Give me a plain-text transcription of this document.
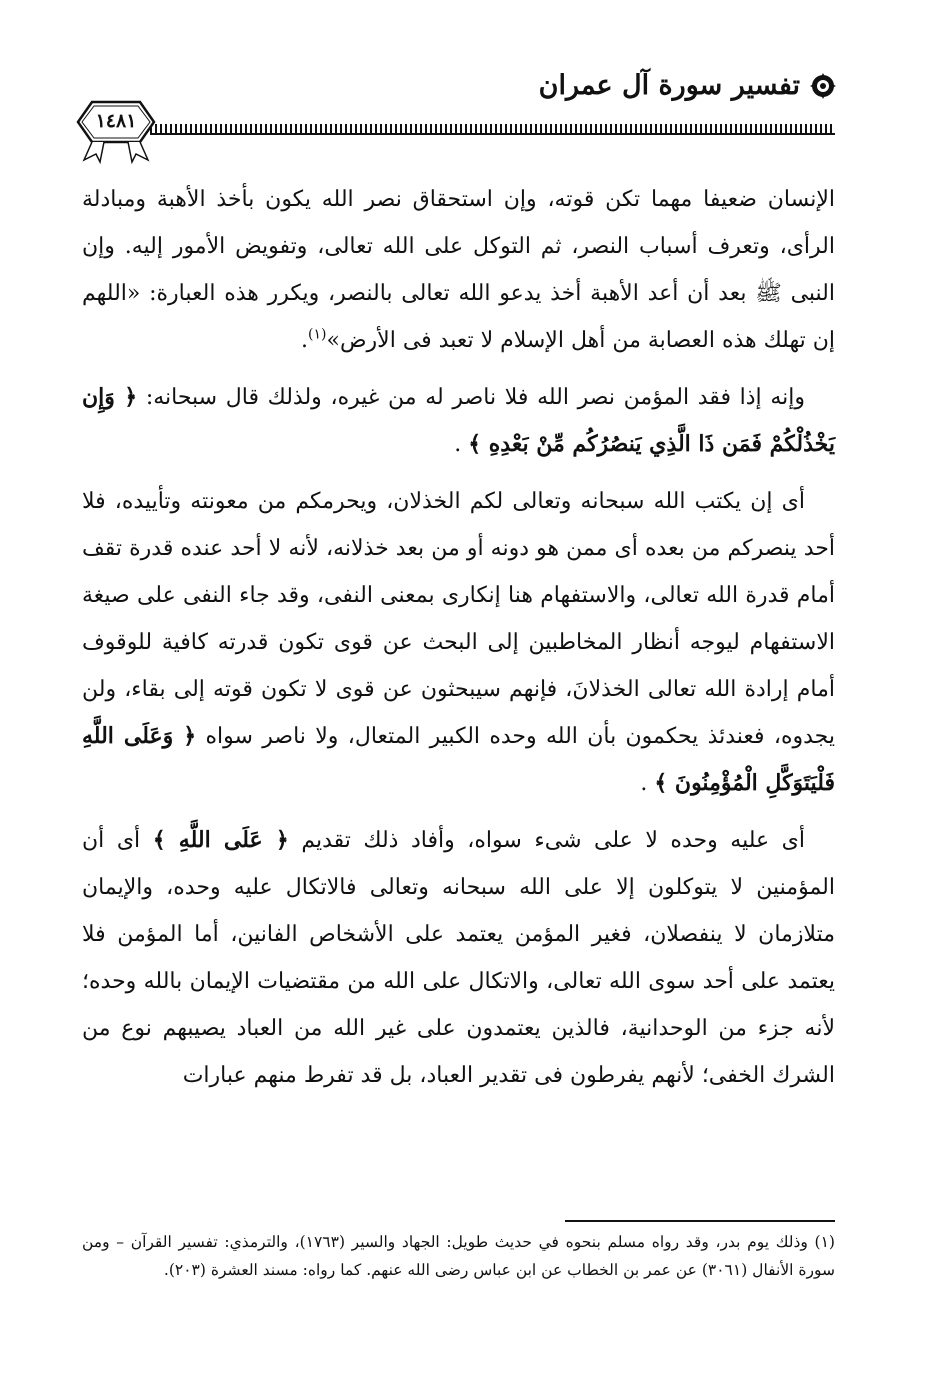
تفسير سورة آل عمران
١٤٨١

الإنسان ضعيفا مهما تكن قوته، وإن استحقاق نصر الله يكون بأخذ الأهبة ومبادلة الرأى، وتعرف أسباب النصر، ثم التوكل على الله تعالى، وتفويض الأمور إليه. وإن النبى ﷺ بعد أن أعد الأهبة أخذ يدعو الله تعالى بالنصر، ويكرر هذه العبارة: «اللهم إن تهلك هذه العصابة من أهل الإسلام لا تعبد فى الأرض»$^{(١)}$.

وإنه إذا فقد المؤمن نصر الله فلا ناصر له من غيره، ولذلك قال سبحانه: ﴿ وَإِن يَخْذُلْكُمْ فَمَن ذَا الَّذِي يَنصُرُكُم مِّنْ بَعْدِهِ ﴾ .

أى إن يكتب الله سبحانه وتعالى لكم الخذلان، ويحرمكم من معونته وتأييده، فلا أحد ينصركم من بعده أى ممن هو دونه أو من بعد خذلانه، لأنه لا أحد عنده قدرة تقف أمام قدرة الله تعالى، والاستفهام هنا إنكارى بمعنى النفى، وقد جاء النفى على صيغة الاستفهام ليوجه أنظار المخاطبين إلى البحث عن قوى تكون قدرته كافية للوقوف أمام إرادة الله تعالى الخذلانَ، فإنهم سيبحثون عن قوى لا تكون قوته إلى بقاء، ولن يجدوه، فعندئذ يحكمون بأن الله وحده الكبير المتعال، ولا ناصر سواه ﴿ وَعَلَى اللَّهِ فَلْيَتَوَكَّلِ الْمُؤْمِنُونَ ﴾ .

أى عليه وحده لا على شىء سواه، وأفاد ذلك تقديم ﴿ عَلَى اللَّهِ ﴾ أى أن المؤمنين لا يتوكلون إلا على الله سبحانه وتعالى فالاتكال عليه وحده، والإيمان متلازمان لا ينفصلان، فغير المؤمن يعتمد على الأشخاص الفانين، أما المؤمن فلا يعتمد على أحد سوى الله تعالى، والاتكال على الله من مقتضيات الإيمان بالله وحده؛ لأنه جزء من الوحدانية، فالذين يعتمدون على غير الله من العباد يصيبهم نوع من الشرك الخفى؛ لأنهم يفرطون فى تقدير العباد، بل قد تفرط منهم عبارات

(١) وذلك يوم بدر، وقد رواه مسلم بنحوه في حديث طويل: الجهاد والسير (١٧٦٣)، والترمذي: تفسير القرآن – ومن سورة الأنفال (٣٠٦١) عن عمر بن الخطاب عن ابن عباس رضى الله عنهم. كما رواه: مسند العشرة (٢٠٣).
